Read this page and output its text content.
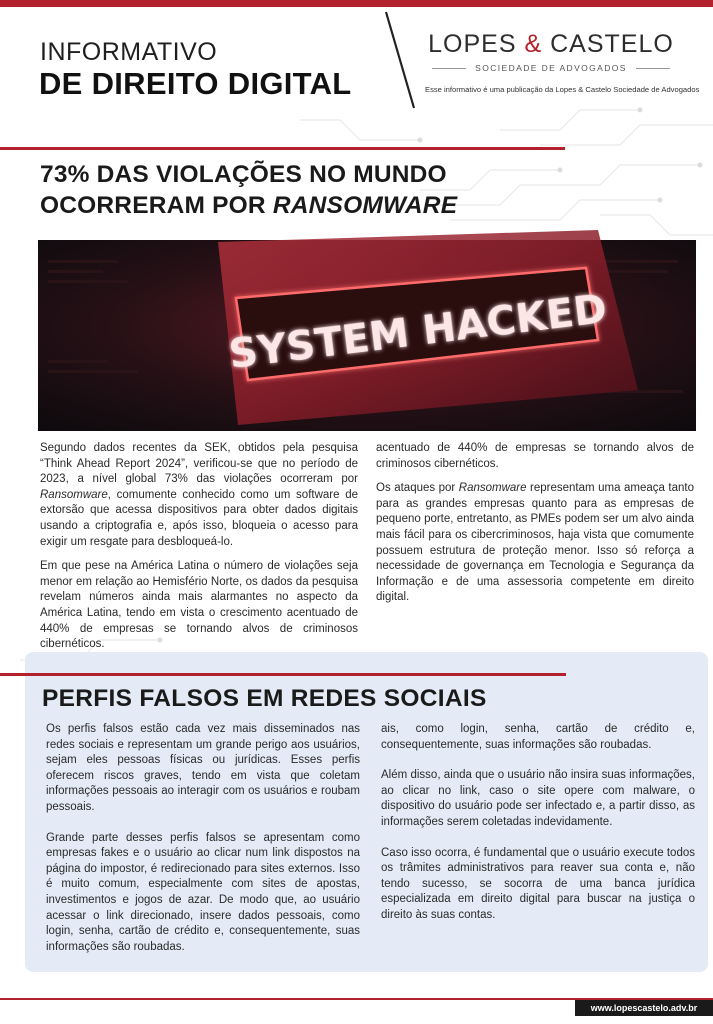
INFORMATIVO
DE DIREITO DIGITAL
LOPES & CASTELO
SOCIEDADE DE ADVOGADOS
Esse informativo é uma publicação da Lopes & Castelo Sociedade de Advogados
73% DAS VIOLAÇÕES NO MUNDO
OCORRERAM POR RANSOMWARE
SYSTEM HACKED

Segundo dados recentes da SEK, obtidos pela pesquisa “Think Ahead Report 2024”, verificou-se que no período de 2023, a nível global 73% das violações ocorreram por Ransomware, comumente conhecido como um software de extorsão que acessa dispositivos para obter dados digitais usando a criptografia e, após isso, bloqueia o acesso para exigir um resgate para desbloqueá-lo.

Em que pese na América Latina o número de violações seja menor em relação ao Hemisfério Norte, os dados da pesquisa revelam números ainda mais alarmantes no aspecto da América Latina, tendo em vista o crescimento acentuado de 440% de empresas se tornando alvos de criminosos cibernéticos.

acentuado de 440% de empresas se tornando alvos de criminosos cibernéticos.

Os ataques por Ransomware representam uma ameaça tanto para as grandes empresas quanto para as empresas de pequeno porte, entretanto, as PMEs podem ser um alvo ainda mais fácil para os cibercriminosos, haja vista que comumente possuem estrutura de proteção menor. Isso só reforça a necessidade de governança em Tecnologia e Segurança da Informação e de uma assessoria competente em direito digital.

PERFIS FALSOS EM REDES SOCIAIS

Os perfis falsos estão cada vez mais disseminados nas redes sociais e representam um grande perigo aos usuários, sejam eles pessoas físicas ou jurídicas. Esses perfis oferecem riscos graves, tendo em vista que coletam informações pessoais ao interagir com os usuários e roubam pessoais.

Grande parte desses perfis falsos se apresentam como empresas fakes e o usuário ao clicar num link dispostos na página do impostor, é redirecionado para sites externos. Isso é muito comum, especialmente com sites de apostas, investimentos e jogos de azar. De modo que, ao usuário acessar o link direcionado, insere dados pessoais, como login, senha, cartão de crédito e, consequentemente, suas informações são roubadas.

ais, como login, senha, cartão de crédito e, consequentemente, suas informações são roubadas.

Além disso, ainda que o usuário não insira suas informações, ao clicar no link, caso o site opere com malware, o dispositivo do usuário pode ser infectado e, a partir disso, as informações serem coletadas indevidamente.

Caso isso ocorra, é fundamental que o usuário execute todos os trâmites administrativos para reaver sua conta e, não tendo sucesso, se socorra de uma banca jurídica especializada em direito digital para buscar na justiça o direito às suas contas.

www.lopescastelo.adv.br
